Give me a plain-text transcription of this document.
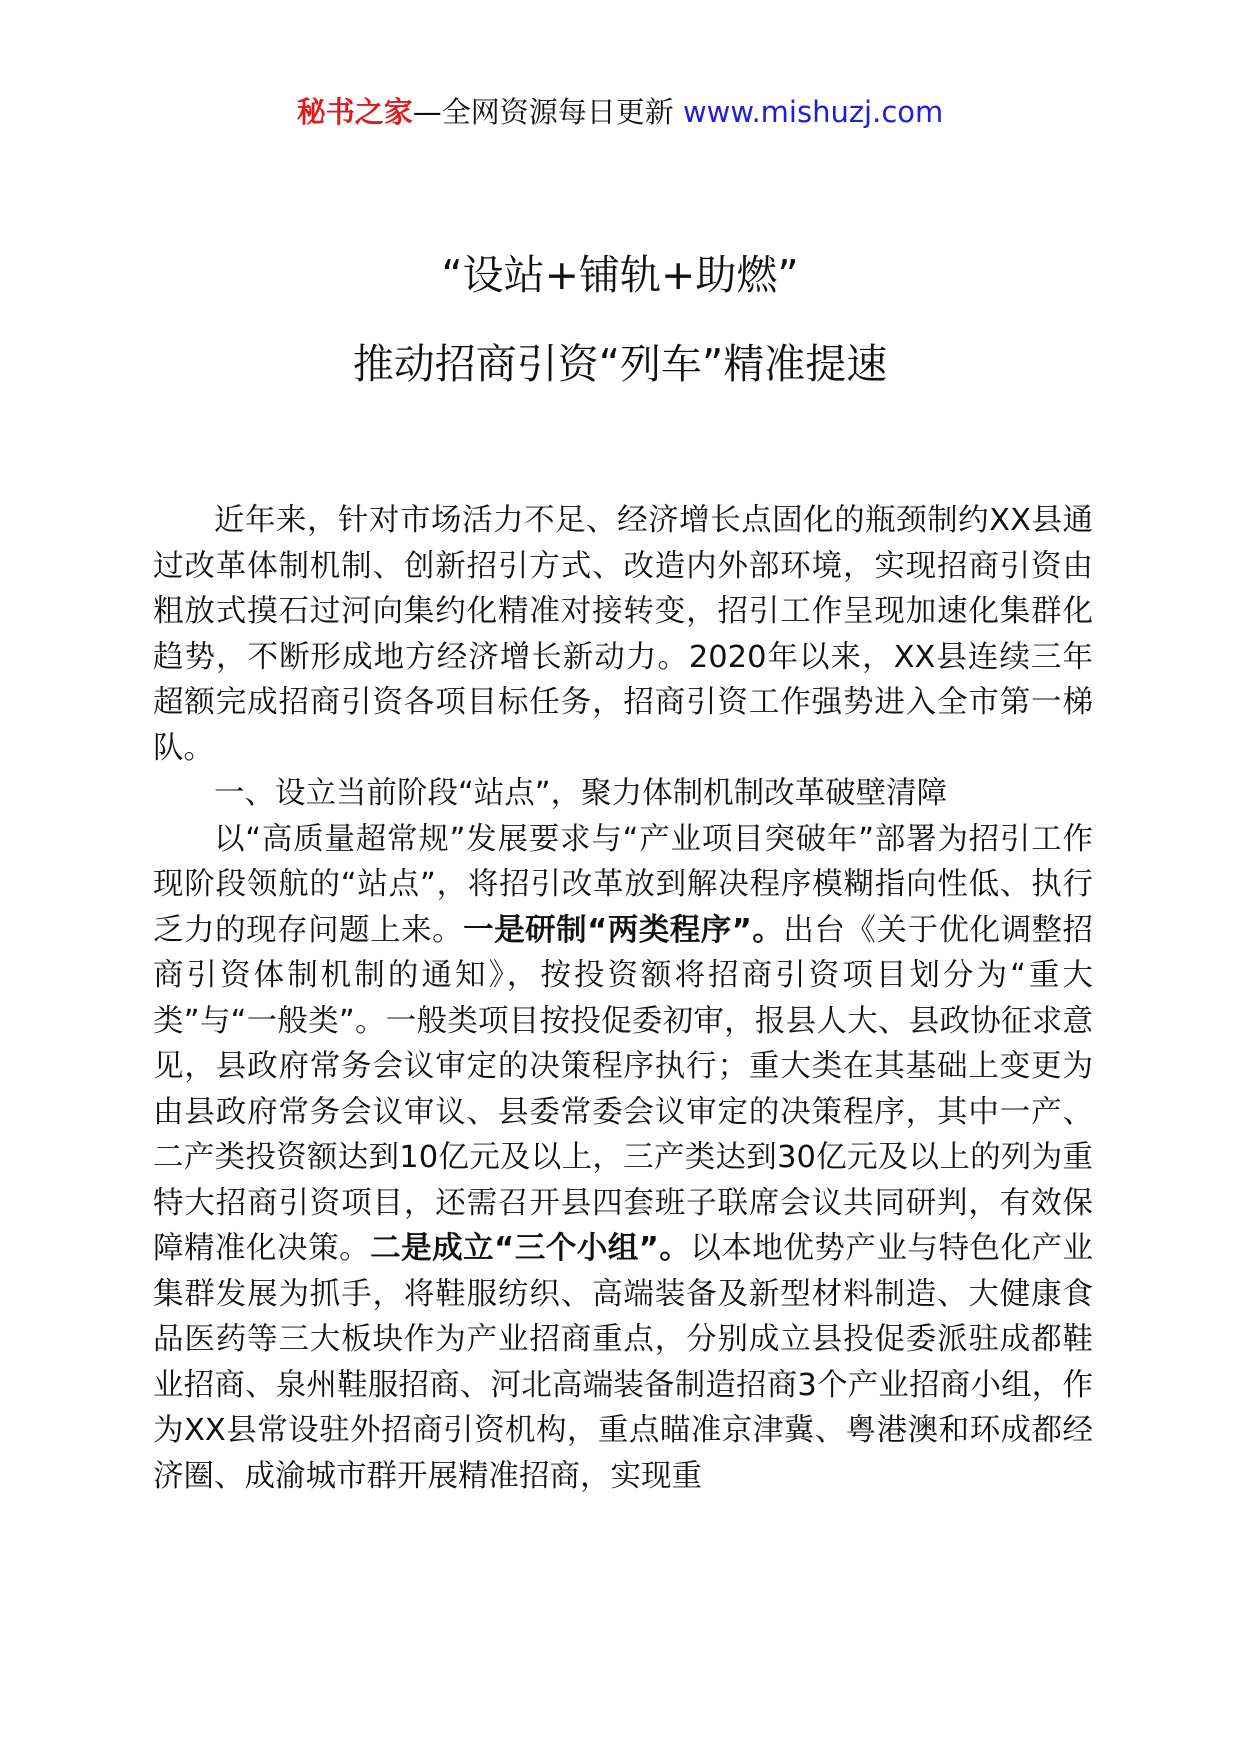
秘书之家—全网资源每日更新 www.mishuzj.com
“设站+铺轨+助燃”
推动招商引资“列车”精准提速

近年来，针对市场活力不足、经济增长点固化的瓶颈制约XX县通过改革体制机制、创新招引方式、改造内外部环境，实现招商引资由粗放式摸石过河向集约化精准对接转变，招引工作呈现加速化集群化趋势，不断形成地方经济增长新动力。2020年以来，XX县连续三年超额完成招商引资各项目标任务，招商引资工作强势进入全市第一梯队。

一、设立当前阶段“站点”，聚力体制机制改革破壁清障

以“高质量超常规”发展要求与“产业项目突破年”部署为招引工作现阶段领航的“站点”，将招引改革放到解决程序模糊指向性低、执行乏力的现存问题上来。一是研制“两类程序”。出台《关于优化调整招商引资体制机制的通知》，按投资额将招商引资项目划分为“重大类”与“一般类”。一般类项目按投促委初审，报县人大、县政协征求意见，县政府常务会议审定的决策程序执行；重大类在其基础上变更为由县政府常务会议审议、县委常委会议审定的决策程序，其中一产、二产类投资额达到10亿元及以上，三产类达到30亿元及以上的列为重特大招商引资项目，还需召开县四套班子联席会议共同研判，有效保障精准化决策。二是成立“三个小组”。以本地优势产业与特色化产业集群发展为抓手，将鞋服纺织、高端装备及新型材料制造、大健康食品医药等三大板块作为产业招商重点，分别成立县投促委派驻成都鞋业招商、泉州鞋服招商、河北高端装备制造招商3个产业招商小组，作为XX县常设驻外招商引资机构，重点瞄准京津冀、粤港澳和环成都经济圈、成渝城市群开展精准招商，实现重
